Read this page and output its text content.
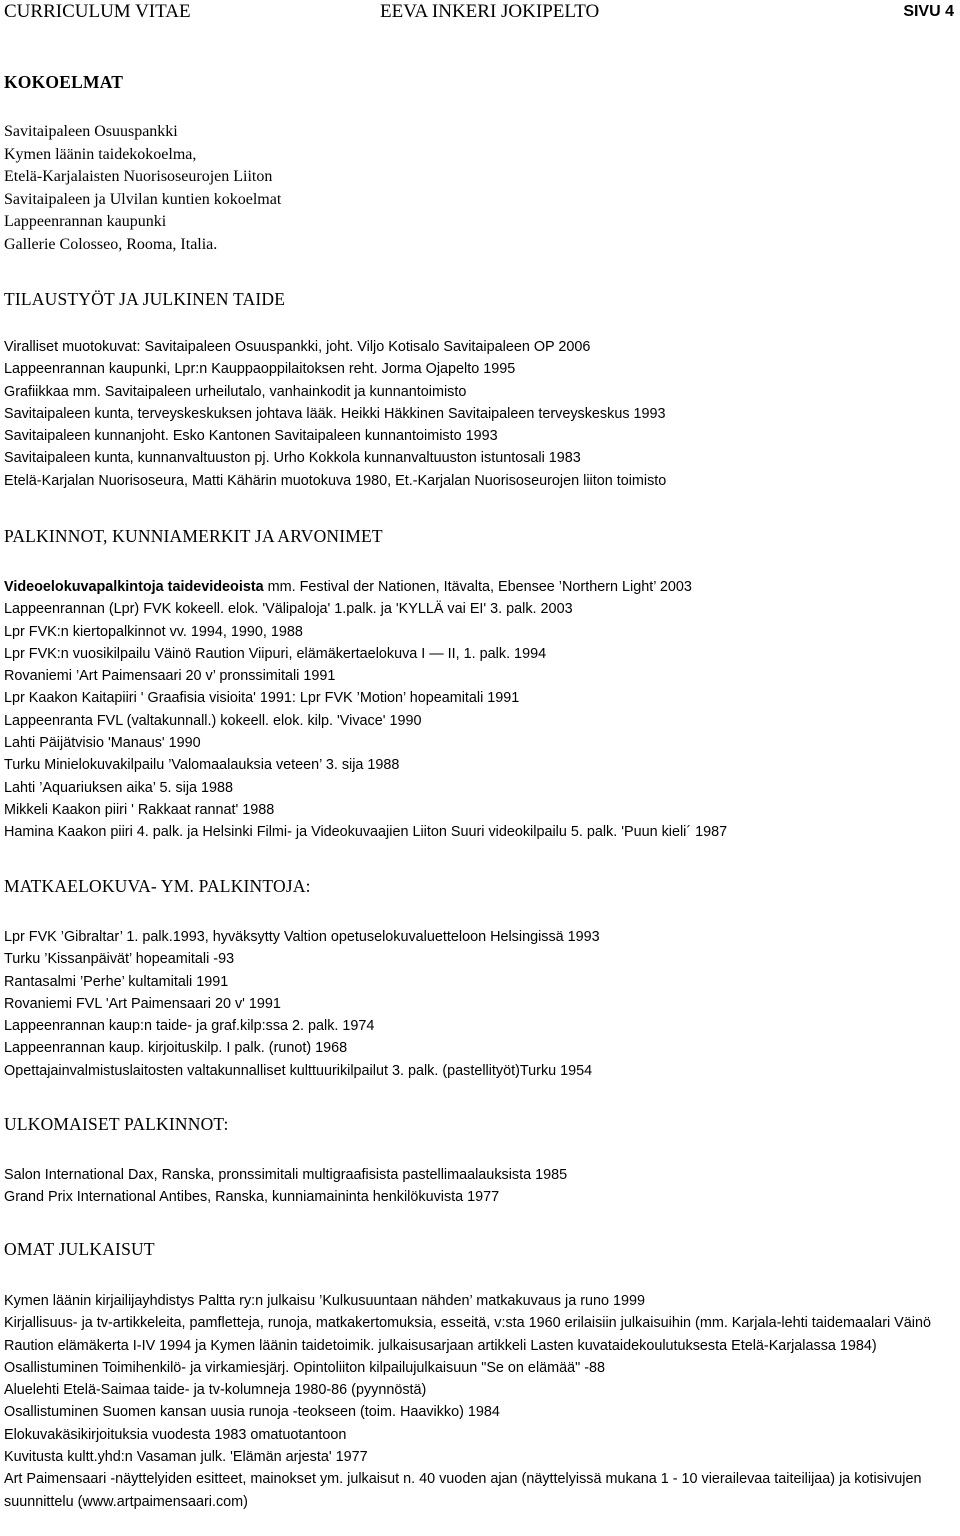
CURRICULUM VITAE	EEVA INKERI JOKIPELTO	SIVU 4
KOKOELMAT
Savitaipaleen Osuuspankki
Kymen läänin taidekokoelma,
Etelä-Karjalaisten Nuorisoseurojen Liiton
Savitaipaleen ja Ulvilan kuntien kokoelmat
Lappeenrannan kaupunki
Gallerie Colosseo, Rooma, Italia.
TILAUSTYÖT JA JULKINEN TAIDE
Viralliset muotokuvat: Savitaipaleen Osuuspankki, joht. Viljo Kotisalo Savitaipaleen OP 2006
Lappeenrannan kaupunki, Lpr:n Kauppaoppilaitoksen reht. Jorma Ojapelto 1995
Grafiikkaa mm. Savitaipaleen urheilutalo, vanhainkodit ja kunnantoimisto
Savitaipaleen kunta, terveyskeskuksen johtava lääk. Heikki Häkkinen Savitaipaleen terveyskeskus 1993
Savitaipaleen kunnanjoht. Esko Kantonen Savitaipaleen kunnantoimisto 1993
Savitaipaleen kunta, kunnanvaltuuston pj. Urho Kokkola kunnanvaltuuston istuntosali 1983
Etelä-Karjalan Nuorisoseura, Matti Kähärin muotokuva 1980, Et.-Karjalan Nuorisoseurojen liiton toimisto
PALKINNOT, KUNNIAMERKIT JA ARVONIMET
Videoelokuvapalkintoja taidevideoista mm. Festival der Nationen, Itävalta, Ebensee ’Northern Light’ 2003
Lappeenrannan (Lpr) FVK kokeell. elok. 'Välipaloja' 1.palk. ja 'KYLLÄ vai EI' 3. palk. 2003
Lpr FVK:n kiertopalkinnot vv. 1994, 1990, 1988
Lpr FVK:n vuosikilpailu Väinö Raution Viipuri, elämäkertaelokuva I — II, 1. palk. 1994
Rovaniemi ’Art Paimensaari 20 v’ pronssimitali 1991
Lpr Kaakon Kaitapiiri ' Graafisia visioita' 1991: Lpr FVK ’Motion’ hopeamitali 1991
Lappeenranta FVL (valtakunnall.) kokeell. elok. kilp. 'Vivace' 1990
Lahti Päijätvisio 'Manaus' 1990
Turku Minielokuvakilpailu ’Valomaalauksia veteen’ 3. sija 1988
Lahti ’Aquariuksen aika’ 5. sija 1988
Mikkeli Kaakon piiri ' Rakkaat rannat' 1988
Hamina Kaakon piiri 4. palk. ja Helsinki Filmi- ja Videokuvaajien Liiton Suuri videokilpailu 5. palk. 'Puun kieli´ 1987
MATKAELOKUVA- YM. PALKINTOJA:
Lpr FVK ’Gibraltar’ 1. palk.1993, hyväksytty Valtion opetuselokuvaluetteloon Helsingissä 1993
Turku ’Kissanpäivät’ hopeamitali -93
Rantasalmi ’Perhe’ kultamitali 1991
Rovaniemi FVL 'Art Paimensaari 20 v' 1991
Lappeenrannan kaup:n taide- ja graf.kilp:ssa 2. palk. 1974
Lappeenrannan kaup. kirjoituskilp. I palk. (runot) 1968
Opettajainvalmistuslaitosten valtakunnalliset kulttuurikilpailut 3. palk. (pastellityöt)Turku 1954
ULKOMAISET PALKINNOT:
Salon International Dax, Ranska, pronssimitali multigraafisista pastellimaalauksista 1985
Grand Prix International Antibes, Ranska, kunniamaininta henkilökuvista 1977
OMAT JULKAISUT
Kymen läänin kirjailijayhdistys Paltta ry:n julkaisu ’Kulkusuuntaan nähden’ matkakuvaus ja runo 1999
Kirjallisuus- ja tv-artikkeleita, pamfletteja, runoja, matkakertomuksia, esseitä, v:sta 1960 erilaisiin julkaisuihin (mm. Karjala-lehti taidemaalari Väinö Raution elämäkerta I-IV 1994 ja Kymen läänin taidetoimik. julkaisusarjaan artikkeli Lasten kuvataidekoulutuksesta Etelä-Karjalassa 1984)
Osallistuminen Toimihenkilö- ja virkamiesjärj. Opintoliiton kilpailujulkaisuun "Se on elämää" -88
Aluelehti Etelä-Saimaa taide- ja tv-kolumneja 1980-86 (pyynnöstä)
Osallistuminen Suomen kansan uusia runoja -teokseen (toim. Haavikko) 1984
Elokuvakäsikirjoituksia vuodesta 1983 omatuotantoon
Kuvitusta kultt.yhd:n Vasaman julk. 'Elämän arjesta' 1977
Art Paimensaari -näyttelyiden esitteet, mainokset ym. julkaisut n. 40 vuoden ajan (näyttelyissä mukana 1 - 10 vierailevaa taiteilijaa) ja kotisivujen suunnittelu (www.artpaimensaari.com)
